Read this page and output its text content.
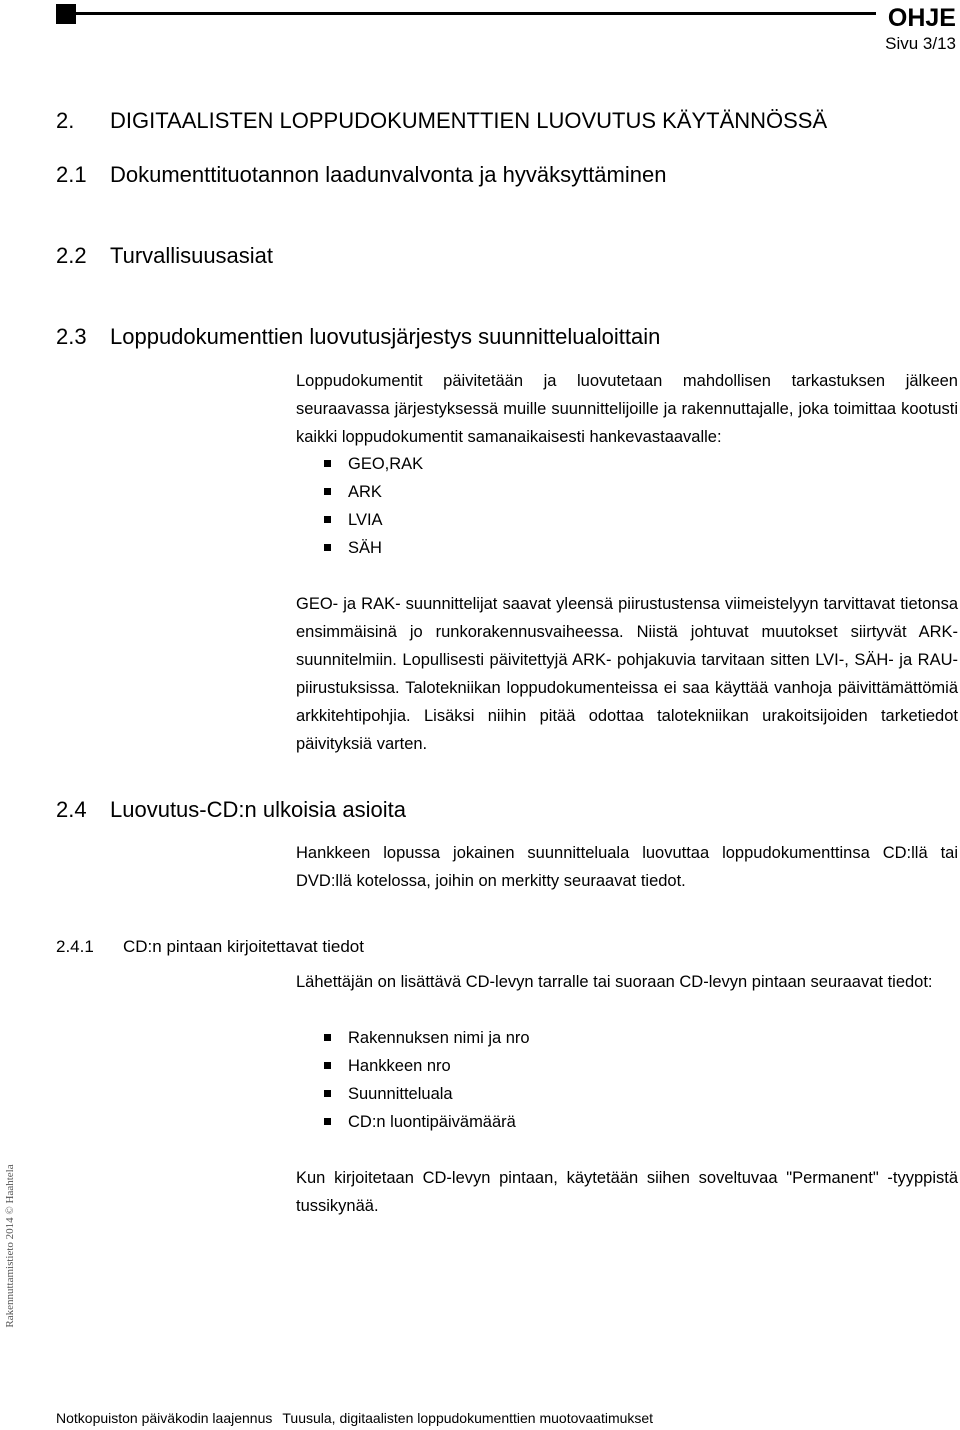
OHJE
Sivu 3/13
2. DIGITAALISTEN LOPPUDOKUMENTTIEN LUOVUTUS KÄYTÄNNÖSSÄ
2.1 Dokumenttituotannon laadunvalvonta ja hyväksyttäminen
2.2 Turvallisuusasiat
2.3 Loppudokumenttien luovutusjärjestys suunnittelualoittain

Loppudokumentit päivitetään ja luovutetaan mahdollisen tarkastuksen jälkeen seuraavassa järjestyksessä muille suunnittelijoille ja rakennuttajalle, joka toimittaa kootusti kaikki loppudokumentit samanaikaisesti hankevastaavalle:

GEO,RAK
ARK
LVIA
SÄH

GEO- ja RAK- suunnittelijat saavat yleensä piirustustensa viimeistelyyn tarvittavat tietonsa ensimmäisinä jo runkorakennusvaiheessa. Niistä johtuvat muutokset siirtyvät ARK- suunnitelmiin. Lopullisesti päivitettyjä ARK- pohjakuvia tarvitaan sitten LVI-, SÄH- ja RAU- piirustuksissa. Talotekniikan loppudokumenteissa ei saa käyttää vanhoja päivittämättömiä arkkitehtipohjia. Lisäksi niihin pitää odottaa talotekniikan urakoitsijoiden tarketiedot päivityksiä varten.

2.4 Luovutus-CD:n ulkoisia asioita

Hankkeen lopussa jokainen suunnitteluala luovuttaa loppudokumenttinsa CD:llä tai DVD:llä kotelossa, joihin on merkitty seuraavat tiedot.

2.4.1 CD:n pintaan kirjoitettavat tiedot

Lähettäjän on lisättävä CD-levyn tarralle tai suoraan CD-levyn pintaan seuraavat tiedot:

Rakennuksen nimi ja nro
Hankkeen nro
Suunnitteluala
CD:n luontipäivämäärä

Kun kirjoitetaan CD-levyn pintaan, käytetään siihen soveltuvaa "Permanent" -tyyppistä tussikynää.

Rakennuttamistieto 2014 © Haahtela
Notkopuiston päiväkodin laajennus Tuusula, digitaalisten loppudokumenttien muotovaatimukset
